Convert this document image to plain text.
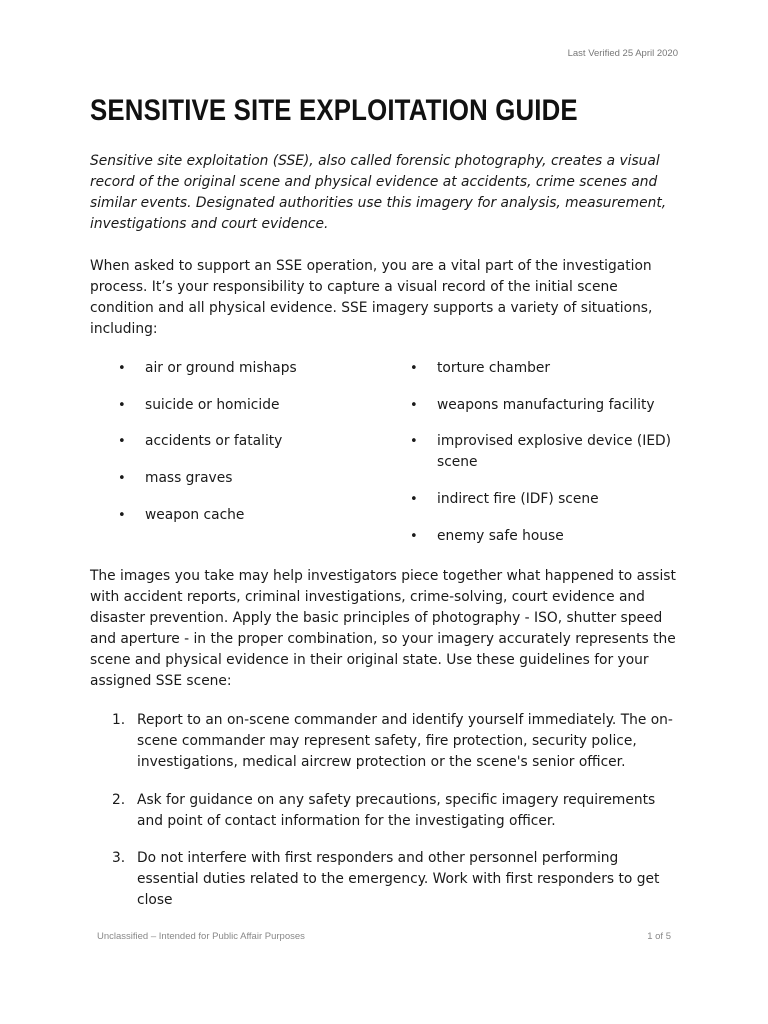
Last Verified 25 April 2020
SENSITIVE SITE EXPLOITATION GUIDE

Sensitive site exploitation (SSE), also called forensic photography, creates a visual record of the original scene and physical evidence at accidents, crime scenes and similar events. Designated authorities use this imagery for analysis, measurement, investigations and court evidence.

When asked to support an SSE operation, you are a vital part of the investigation process. It’s your responsibility to capture a visual record of the initial scene condition and all physical evidence. SSE imagery supports a variety of situations, including:

• air or ground mishaps
• suicide or homicide
• accidents or fatality
• mass graves
• weapon cache
• torture chamber
• weapons manufacturing facility
• improvised explosive device (IED) scene
• indirect fire (IDF) scene
• enemy safe house

The images you take may help investigators piece together what happened to assist with accident reports, criminal investigations, crime-solving, court evidence and disaster prevention. Apply the basic principles of photography - ISO, shutter speed and aperture - in the proper combination, so your imagery accurately represents the scene and physical evidence in their original state. Use these guidelines for your assigned SSE scene:

1. Report to an on-scene commander and identify yourself immediately. The on-scene commander may represent safety, fire protection, security police, investigations, medical aircrew protection or the scene's senior officer.
2. Ask for guidance on any safety precautions, specific imagery requirements and point of contact information for the investigating officer.
3. Do not interfere with first responders and other personnel performing essential duties related to the emergency. Work with first responders to get close
Unclassified – Intended for Public Affair Purposes	1 of 5
